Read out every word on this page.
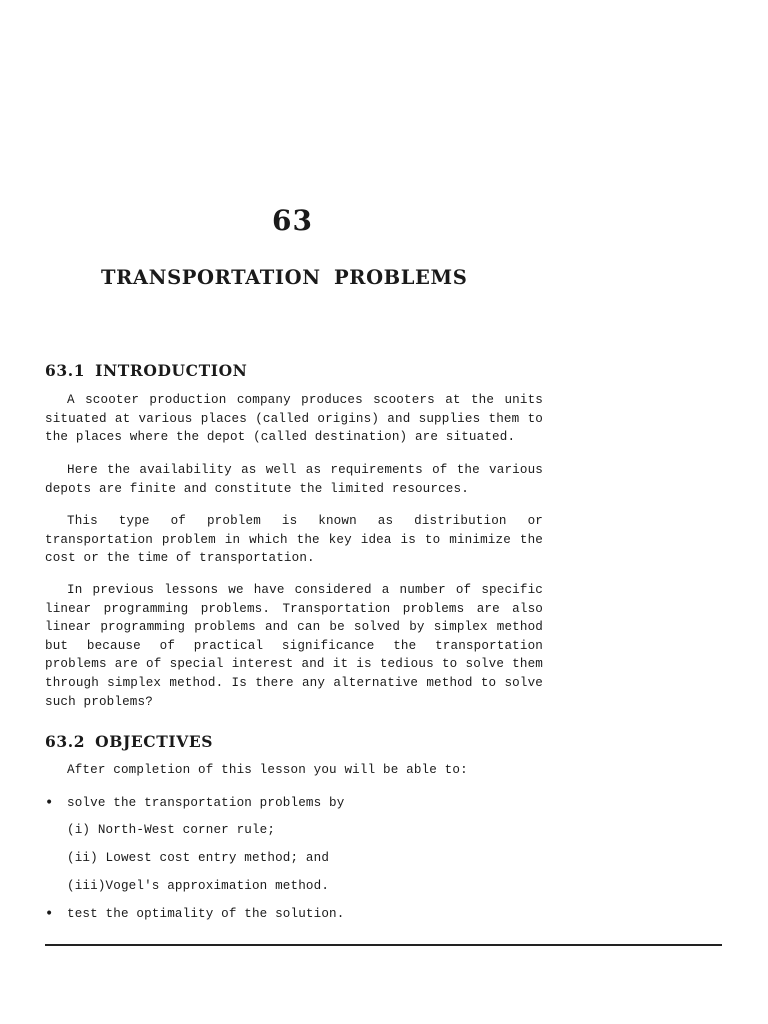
63
TRANSPORTATION PROBLEMS
63.1 INTRODUCTION

A scooter production company produces scooters at the units situated at various places (called origins) and supplies them to the places where the depot (called destination) are situated.

Here the availability as well as requirements of the various depots are finite and constitute the limited resources.

This type of problem is known as distribution or transportation problem in which the key idea is to minimize the cost or the time of transportation.

In previous lessons we have considered a number of specific linear programming problems. Transportation problems are also linear programming problems and can be solved by simplex method but because of practical significance the transportation problems are of special interest and it is tedious to solve them through simplex method. Is there any alternative method to solve such problems?

63.2 OBJECTIVES
After completion of this lesson you will be able to:
• solve the transportation problems by
(i) North-West corner rule;
(ii) Lowest cost entry method; and
(iii)Vogel's approximation method.
• test the optimality of the solution.
